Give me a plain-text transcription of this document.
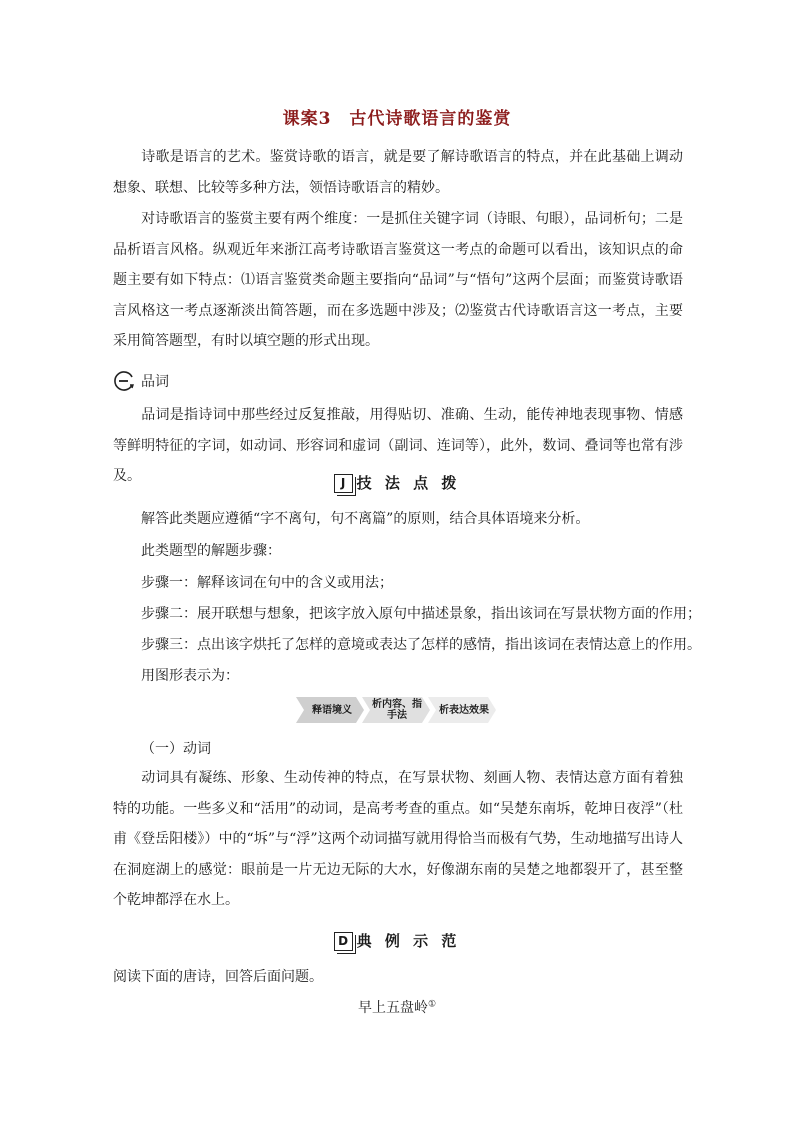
课案3　古代诗歌语言的鉴赏

诗歌是语言的艺术。鉴赏诗歌的语言，就是要了解诗歌语言的特点，并在此基础上调动想象、联想、比较等多种方法，领悟诗歌语言的精妙。

对诗歌语言的鉴赏主要有两个维度：一是抓住关键字词（诗眼、句眼），品词析句；二是品析语言风格。纵观近年来浙江高考诗歌语言鉴赏这一考点的命题可以看出，该知识点的命题主要有如下特点：⑴语言鉴赏类命题主要指向“品词”与“悟句”这两个层面；而鉴赏诗歌语言风格这一考点逐渐淡出简答题，而在多选题中涉及；⑵鉴赏古代诗歌语言这一考点，主要采用简答题型，有时以填空题的形式出现。

品词

品词是指诗词中那些经过反复推敲，用得贴切、准确、生动，能传神地表现事物、情感等鲜明特征的字词，如动词、形容词和虚词（副词、连词等），此外，数词、叠词等也常有涉及。	J 技 法 点 拨
解答此类题应遵循“字不离句，句不离篇”的原则，结合具体语境来分析。
此类题型的解题步骤：
步骤一：解释该词在句中的含义或用法；
步骤二：展开联想与想象，把该字放入原句中描述景象，指出该词在写景状物方面的作用；
步骤三：点出该字烘托了怎样的意境或表达了怎样的感情，指出该词在表情达意上的作用。
用图形表示为：
释语境义	析内容、指手法	析表达效果
（一）动词

动词具有凝练、形象、生动传神的特点，在写景状物、刻画人物、表情达意方面有着独特的功能。一些多义和“活用”的动词，是高考考查的重点。如“吴楚东南坼，乾坤日夜浮”（杜甫《登岳阳楼》）中的“坼”与“浮”这两个动词描写就用得恰当而极有气势，生动地描写出诗人在洞庭湖上的感觉：眼前是一片无边无际的大水，好像湖东南的吴楚之地都裂开了，甚至整个乾坤都浮在水上。

D 典 例 示 范
阅读下面的唐诗，回答后面问题。
早上五盘岭①
